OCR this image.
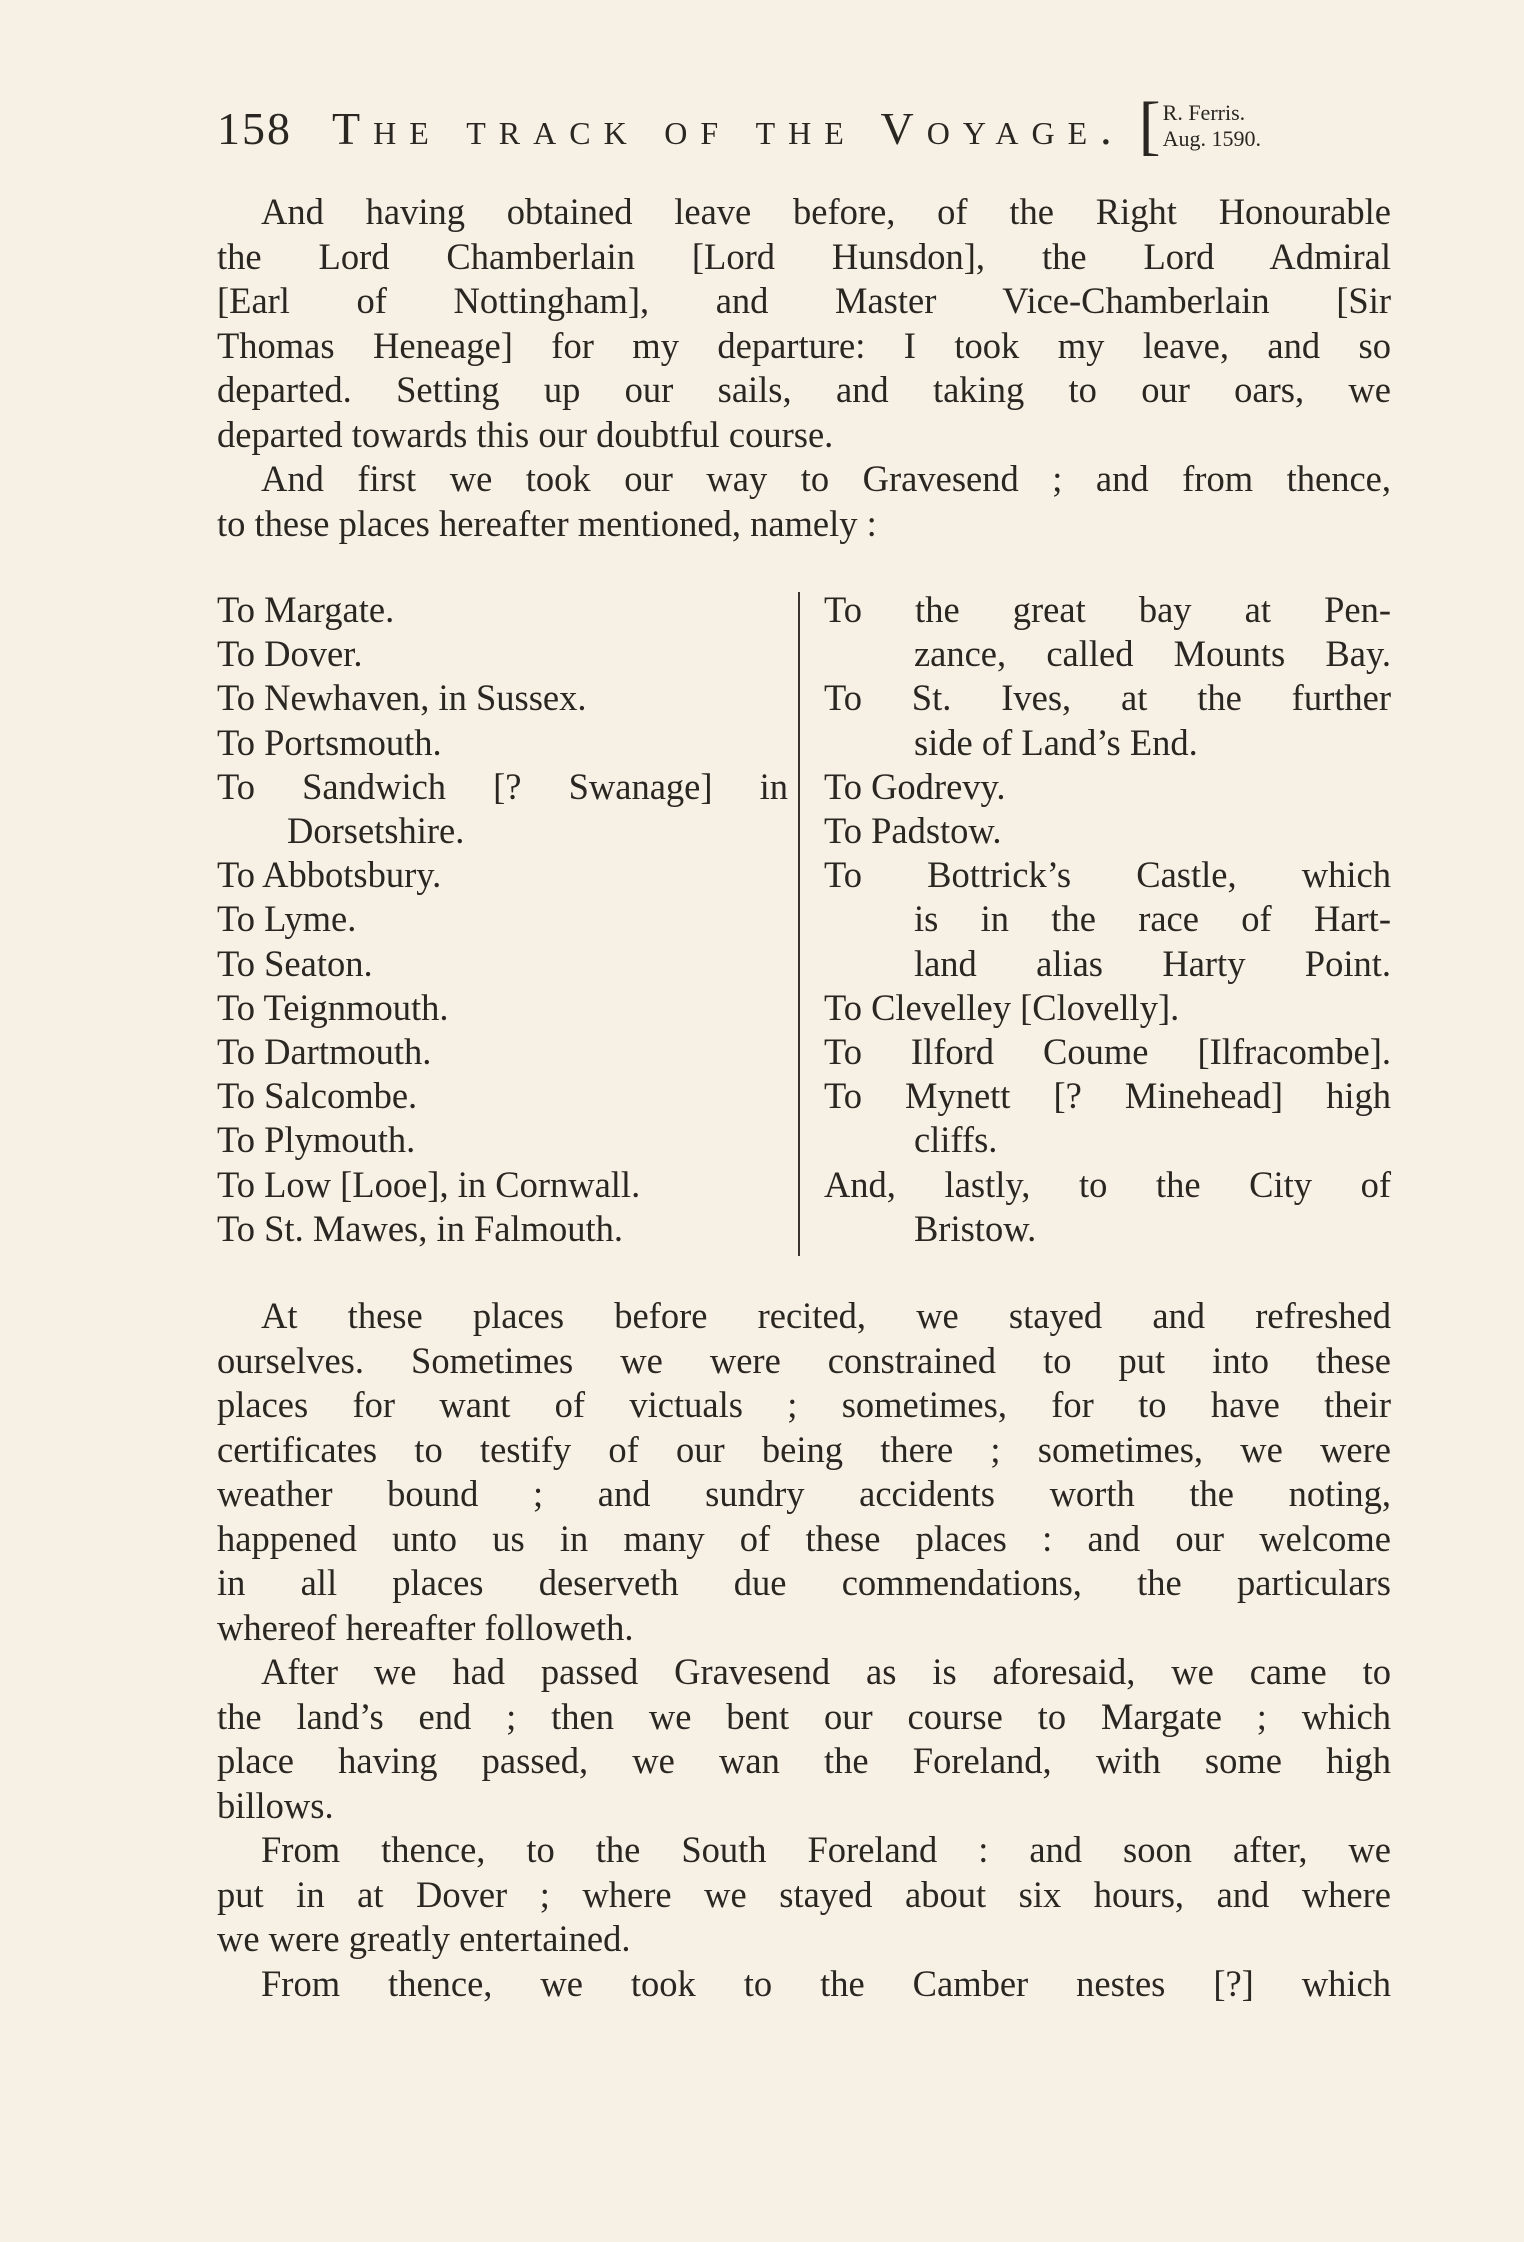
158 The track of the Voyage. [ R. Ferris.
Aug. 1590.
And having obtained leave before, of the Right Honourable
the Lord Chamberlain [Lord Hunsdon], the Lord Admiral
[Earl of Nottingham], and Master Vice-Chamberlain [Sir
Thomas Heneage] for my departure: I took my leave, and so
departed. Setting up our sails, and taking to our oars, we
departed towards this our doubtful course.
And first we took our way to Gravesend ; and from thence,
to these places hereafter mentioned, namely :
To Margate.
To Dover.
To Newhaven, in Sussex.
To Portsmouth.
To Sandwich [? Swanage] in
Dorsetshire.
To Abbotsbury.
To Lyme.
To Seaton.
To Teignmouth.
To Dartmouth.
To Salcombe.
To Plymouth.
To Low [Looe], in Cornwall.
To St. Mawes, in Falmouth.
To the great bay at Pen-
zance, called Mounts Bay.
To St. Ives, at the further
side of Land’s End.
To Godrevy.
To Padstow.
To Bottrick’s Castle, which
is in the race of Hart-
land alias Harty Point.
To Clevelley [Clovelly].
To Ilford Coume [Ilfracombe].
To Mynett [? Minehead] high
cliffs.
And, lastly, to the City of
Bristow.
At these places before recited, we stayed and refreshed
ourselves. Sometimes we were constrained to put into these
places for want of victuals ; sometimes, for to have their
certificates to testify of our being there ; sometimes, we were
weather bound ; and sundry accidents worth the noting,
happened unto us in many of these places : and our welcome
in all places deserveth due commendations, the particulars
whereof hereafter followeth.
After we had passed Gravesend as is aforesaid, we came to
the land’s end ; then we bent our course to Margate ; which
place having passed, we wan the Foreland, with some high
billows.
From thence, to the South Foreland : and soon after, we
put in at Dover ; where we stayed about six hours, and where
we were greatly entertained.
From thence, we took to the Camber nestes [?] which
